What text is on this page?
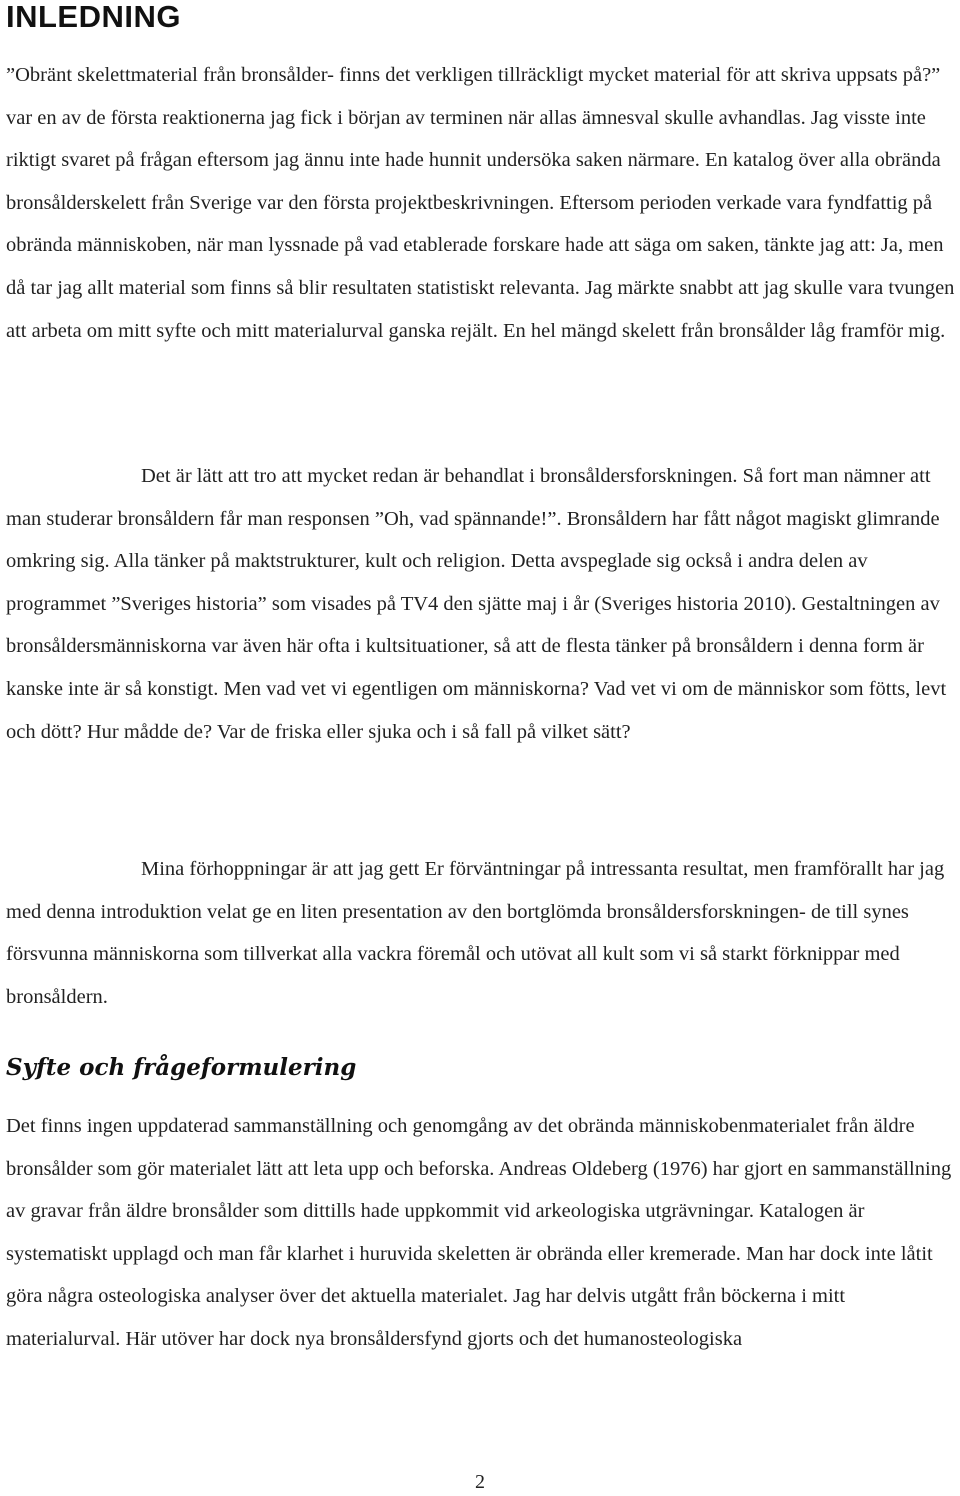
INLEDNING

”Obränt skelettmaterial från bronsålder- finns det verkligen tillräckligt mycket material för att skriva uppsats på?” var en av de första reaktionerna jag fick i början av terminen när allas ämnesval skulle avhandlas. Jag visste inte riktigt svaret på frågan eftersom jag ännu inte hade hunnit undersöka saken närmare. En katalog över alla obrända bronsålderskelett från Sverige var den första projektbeskrivningen. Eftersom perioden verkade vara fyndfattig på obrända människoben, när man lyssnade på vad etablerade forskare hade att säga om saken, tänkte jag att: Ja, men då tar jag allt material som finns så blir resultaten statistiskt relevanta. Jag märkte snabbt att jag skulle vara tvungen att arbeta om mitt syfte och mitt materialurval ganska rejält. En hel mängd skelett från bronsålder låg framför mig.

Det är lätt att tro att mycket redan är behandlat i bronsåldersforskningen. Så fort man nämner att man studerar bronsåldern får man responsen ”Oh, vad spännande!”. Bronsåldern har fått något magiskt glimrande omkring sig. Alla tänker på maktstrukturer, kult och religion. Detta avspeglade sig också i andra delen av programmet ”Sveriges historia” som visades på TV4 den sjätte maj i år (Sveriges historia 2010). Gestaltningen av bronsåldersmänniskorna var även här ofta i kultsituationer, så att de flesta tänker på bronsåldern i denna form är kanske inte är så konstigt. Men vad vet vi egentligen om människorna? Vad vet vi om de människor som fötts, levt och dött? Hur mådde de? Var de friska eller sjuka och i så fall på vilket sätt?

Mina förhoppningar är att jag gett Er förväntningar på intressanta resultat, men framförallt har jag med denna introduktion velat ge en liten presentation av den bortglömda bronsåldersforskningen- de till synes försvunna människorna som tillverkat alla vackra föremål och utövat all kult som vi så starkt förknippar med bronsåldern.

Syfte och frågeformulering

Det finns ingen uppdaterad sammanställning och genomgång av det obrända människobenmaterialet från äldre bronsålder som gör materialet lätt att leta upp och beforska. Andreas Oldeberg (1976) har gjort en sammanställning av gravar från äldre bronsålder som dittills hade uppkommit vid arkeologiska utgrävningar. Katalogen är systematiskt upplagd och man får klarhet i huruvida skeletten är obrända eller kremerade. Man har dock inte låtit göra några osteologiska analyser över det aktuella materialet. Jag har delvis utgått från böckerna i mitt materialurval. Här utöver har dock nya bronsåldersfynd gjorts och det humanosteologiska

2
